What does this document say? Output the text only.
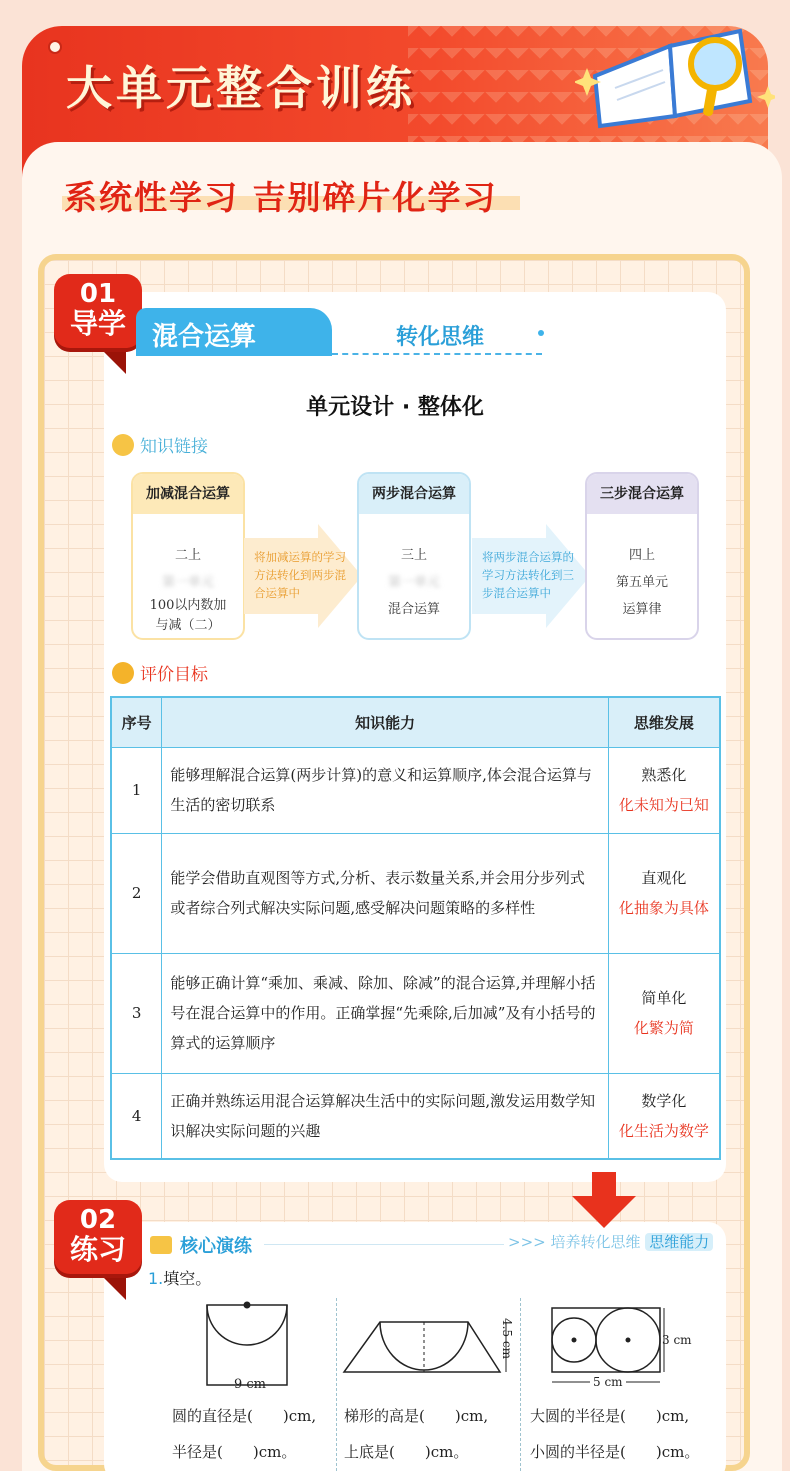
大单元整合训练
系统性学习 吉别碎片化学习
01
导学	混合运算	转化思维
单元设计 · 整体化
知识链接
加减混合运算
二上
第一单元
100以内数加
与减（二）
将加减运算的学习方法转化到两步混合运算中
两步混合运算
三上
第一单元
混合运算
将两步混合运算的学习方法转化到三步混合运算中
三步混合运算
四上
第五单元
运算律
评价目标
序号	知识能力	思维发展
1	能够理解混合运算(两步计算)的意义和运算顺序,体会混合运算与生活的密切联系	熟悉化
化未知为已知

2	能学会借助直观图等方式,分析、表示数量关系,并会用分步列式或者综合列式解决实际问题,感受解决问题策略的多样性	直观化
化抽象为具体

3	能够正确计算“乘加、乘减、除加、除减”的混合运算,并理解小括号在混合运算中的作用。正确掌握“先乘除,后加减”及有小括号的算式的运算顺序	简单化
化繁为简

4	正确并熟练运用混合运算解决生活中的实际问题,激发运用数学知识解决实际问题的兴趣	数学化
化生活为数学
02
练习	核心演练	>>> 培养转化思维 思维能力
1.填空。
9 cm
圆的直径是(　　)cm,
半径是(　　)cm。
4.5 cm
梯形的高是(　　)cm,
上底是(　　)cm。
5 cm
3 cm
大圆的半径是(　　)cm,
小圆的半径是(　　)cm。
